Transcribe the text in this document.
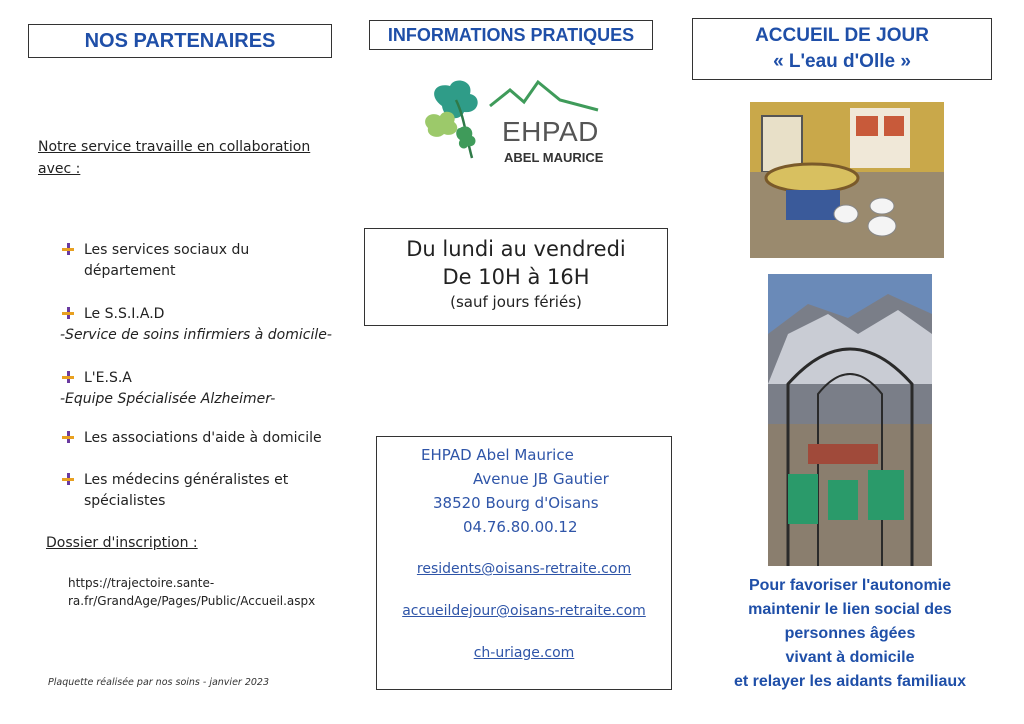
NOS PARTENAIRES
Notre service travaille en collaboration avec :
Les services sociaux du
département
Le S.S.I.A.D
-Service de soins infirmiers à domicile-
L'E.S.A
-Equipe Spécialisée Alzheimer-
Les associations d'aide à domicile
Les médecins généralistes et
spécialistes
Dossier d'inscription :
https://trajectoire.sante-ra.fr/GrandAge/Pages/Public/Accueil.aspx
Plaquette réalisée par nos soins - janvier 2023
INFORMATIONS PRATIQUES
EHPAD
ABEL MAURICE
Du lundi au vendredi
De 10H à 16H
(sauf jours fériés)
EHPAD Abel Maurice
Avenue JB Gautier
38520 Bourg d'Oisans
04.76.80.00.12
residents@oisans-retraite.com
accueildejour@oisans-retraite.com
ch-uriage.com
ACCUEIL DE JOUR
« L'eau d'Olle »
Pour favoriser l'autonomie
maintenir le lien social des
personnes âgées
vivant à domicile
et relayer les aidants familiaux
